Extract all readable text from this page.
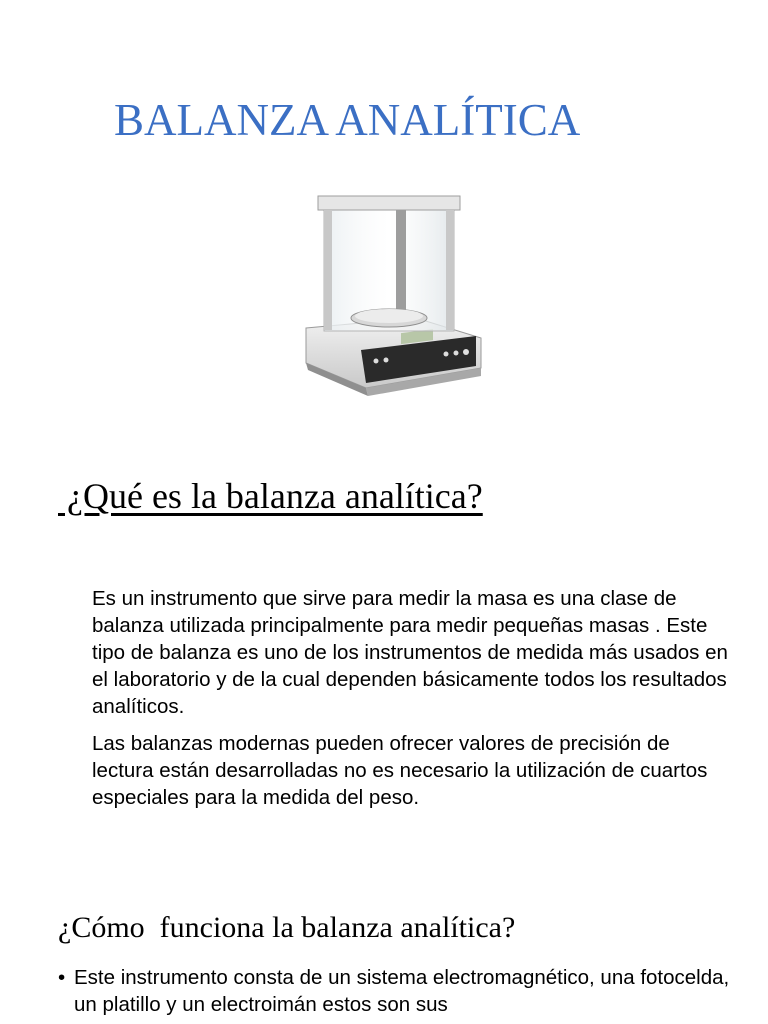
BALANZA ANALÍTICA
¿Qué es la balanza analítica?
Es un instrumento que sirve para medir la masa es una clase de balanza utilizada principalmente para medir pequeñas masas . Este tipo de balanza es uno de los instrumentos de medida más usados en el laboratorio y de la cual dependen básicamente todos los resultados analíticos.
Las balanzas modernas pueden ofrecer valores de precisión de lectura están desarrolladas no es necesario la utilización de cuartos especiales para la medida del peso.
¿Cómo  funciona la balanza analítica?
• Este instrumento consta de un sistema electromagnético, una fotocelda, un platillo y un electroimán estos son sus
